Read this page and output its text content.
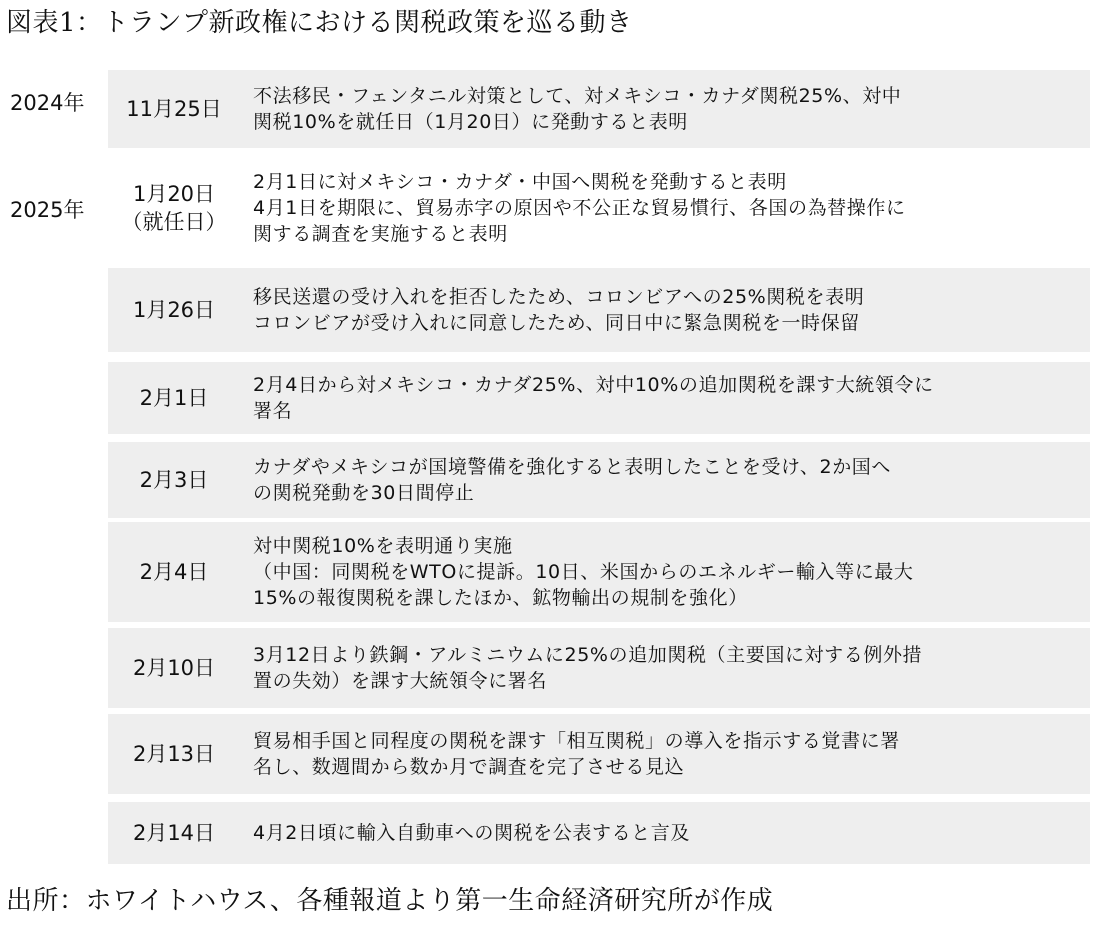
図表1：トランプ新政権における関税政策を巡る動き
2024年
2025年
11月25日
不法移民・フェンタニル対策として、対メキシコ・カナダ関税25%、対中
関税10%を就任日（1月20日）に発動すると表明
1月20日
（就任日）
2月1日に対メキシコ・カナダ・中国へ関税を発動すると表明
4月1日を期限に、貿易赤字の原因や不公正な貿易慣行、各国の為替操作に
関する調査を実施すると表明
1月26日
移民送還の受け入れを拒否したため、コロンビアへの25%関税を表明
コロンビアが受け入れに同意したため、同日中に緊急関税を一時保留
2月1日
2月4日から対メキシコ・カナダ25%、対中10%の追加関税を課す大統領令に
署名
2月3日
カナダやメキシコが国境警備を強化すると表明したことを受け、2か国へ
の関税発動を30日間停止
2月4日
対中関税10%を表明通り実施
（中国：同関税をWTOに提訴。10日、米国からのエネルギー輸入等に最大
15%の報復関税を課したほか、鉱物輸出の規制を強化）
2月10日
3月12日より鉄鋼・アルミニウムに25%の追加関税（主要国に対する例外措
置の失効）を課す大統領令に署名
2月13日
貿易相手国と同程度の関税を課す「相互関税」の導入を指示する覚書に署
名し、数週間から数か月で調査を完了させる見込
2月14日	4月2日頃に輸入自動車への関税を公表すると言及
出所：ホワイトハウス、各種報道より第一生命経済研究所が作成
